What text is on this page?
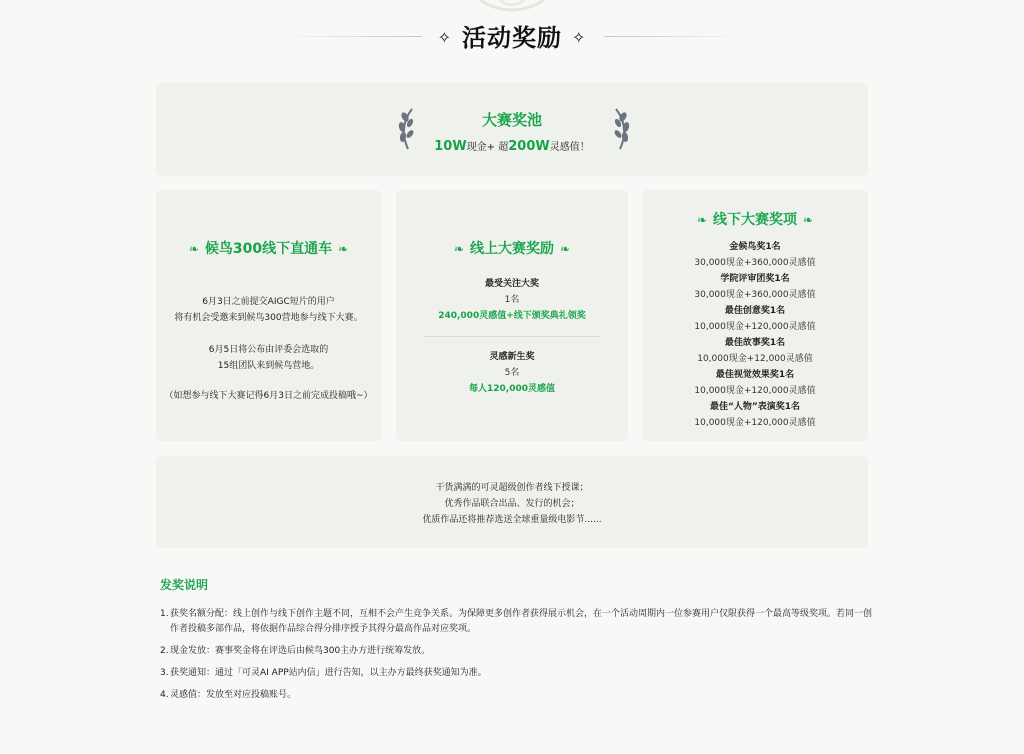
✧ 活动奖励 ✧
大赛奖池
10W现金+ 超200W灵感值！
❧ 候鸟300线下直通车 ❧
6月3日之前提交AIGC短片的用户
将有机会受邀来到候鸟300营地参与线下大赛。
6月5日将公布由评委会选取的
15组团队来到候鸟营地。
（如想参与线下大赛记得6月3日之前完成投稿哦~）
❧ 线上大赛奖励 ❧
最受关注大奖
1名
240,000灵感值+线下颁奖典礼领奖
灵感新生奖
5名
每人120,000灵感值
❧ 线下大赛奖项 ❧
金候鸟奖1名
30,000现金+360,000灵感值
学院评审团奖1名
30,000现金+360,000灵感值
最佳创意奖1名
10,000现金+120,000灵感值
最佳故事奖1名
10,000现金+12,000灵感值
最佳视觉效果奖1名
10,000现金+120,000灵感值
最佳“人物”表演奖1名
10,000现金+120,000灵感值
干货满满的可灵超级创作者线下授课；
优秀作品联合出品、发行的机会；
优质作品还将推荐选送全球重量级电影节......
发奖说明
1. 获奖名额分配：线上创作与线下创作主题不同，互相不会产生竞争关系。为保障更多创作者获得展示机会，在一个活动周期内一位参赛用户仅限获得一个最高等级奖项。若同一创作者投稿多部作品，将依据作品综合得分排序授予其得分最高作品对应奖项。
2. 现金发放：赛事奖金将在评选后由候鸟300主办方进行统筹发放。
3. 获奖通知：通过「可灵AI APP站内信」进行告知，以主办方最终获奖通知为准。
4. 灵感值：发放至对应投稿账号。
